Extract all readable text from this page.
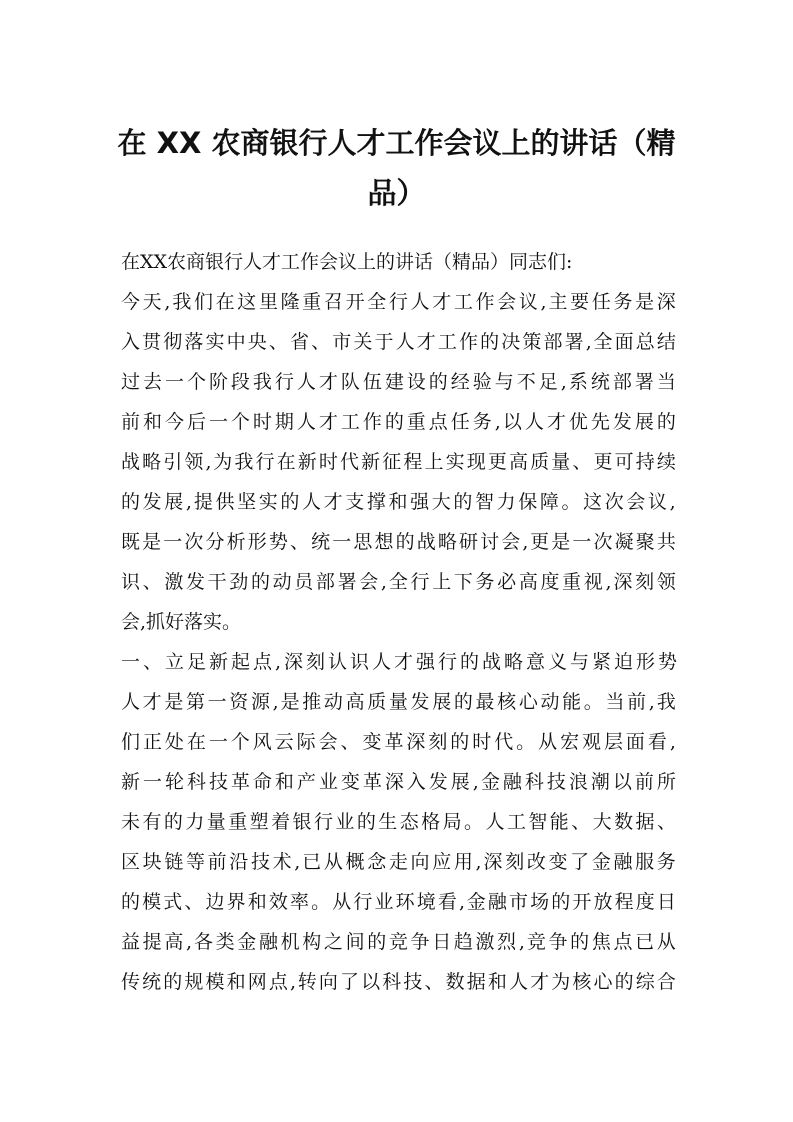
在 XX 农商银行人才工作会议上的讲话（精
品）
在XX农商银行人才工作会议上的讲话（精品）同志们:
今 天 , 我 们 在 这 里 隆 重 召 开 全 行 人 才 工 作 会 议 , 主 要 任 务 是 深
入 贯 彻 落 实 中 央 、 省 、 市 关 于 人 才 工 作 的 决 策 部 署 , 全 面 总 结
过 去 一 个 阶 段 我 行 人 才 队 伍 建 设 的 经 验 与 不 足 , 系 统 部 署 当
前 和 今 后 一 个 时 期 人 才 工 作 的 重 点 任 务 , 以 人 才 优 先 发 展 的
战 略 引 领 , 为 我 行 在 新 时 代 新 征 程 上 实 现 更 高 质 量 、 更 可 持 续
的 发 展 , 提 供 坚 实 的 人 才 支 撑 和 强 大 的 智 力 保 障 。 这 次 会 议 ,
既 是 一 次 分 析 形 势 、 统 一 思 想 的 战 略 研 讨 会 , 更 是 一 次 凝 聚 共
识 、 激 发 干 劲 的 动 员 部 署 会 , 全 行 上 下 务 必 高 度 重 视 , 深 刻 领
会,抓好落实。
一、立足新起点,深刻认识人才强行的战略意义与紧迫形势
人 才 是 第 一 资 源 , 是 推 动 高 质 量 发 展 的 最 核 心 动 能 。 当 前 , 我
们 正 处 在 一 个 风 云 际 会 、 变 革 深 刻 的 时 代 。 从 宏 观 层 面 看 ,
新 一 轮 科 技 革 命 和 产 业 变 革 深 入 发 展 , 金 融 科 技 浪 潮 以 前 所
未 有 的 力 量 重 塑 着 银 行 业 的 生 态 格 局 。 人 工 智 能 、 大 数 据 、
区 块 链 等 前 沿 技 术 , 已 从 概 念 走 向 应 用 , 深 刻 改 变 了 金 融 服 务
的 模 式 、 边 界 和 效 率 。 从 行 业 环 境 看 , 金 融 市 场 的 开 放 程 度 日
益 提 高 , 各 类 金 融 机 构 之 间 的 竞 争 日 趋 激 烈 , 竞 争 的 焦 点 已 从
传 统 的 规 模 和 网 点 , 转 向 了 以 科 技 、 数 据 和 人 才 为 核 心 的 综 合
